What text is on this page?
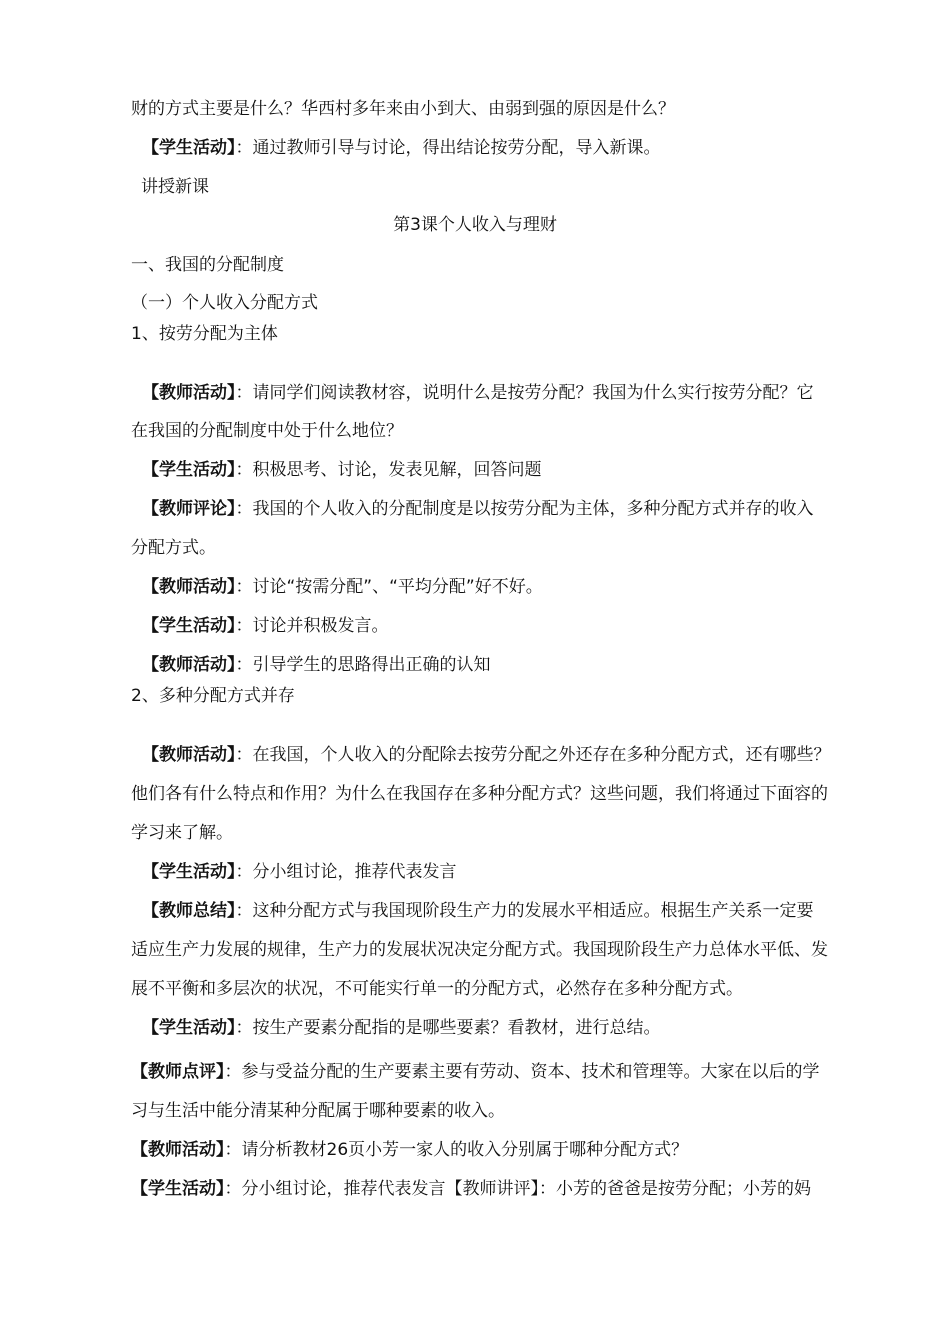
财的方式主要是什么？华西村多年来由小到大、由弱到强的原因是什么？
【学生活动】：通过教师引导与讨论，得出结论按劳分配，导入新课。
讲授新课
第3课个人收入与理财
一、我国的分配制度
（一）个人收入分配方式
1、按劳分配为主体
【教师活动】：请同学们阅读教材容，说明什么是按劳分配？我国为什么实行按劳分配？它
在我国的分配制度中处于什么地位？
【学生活动】：积极思考、讨论，发表见解，回答问题
【教师评论】：我国的个人收入的分配制度是以按劳分配为主体，多种分配方式并存的收入
分配方式。
【教师活动】：讨论“按需分配”、“平均分配”好不好。
【学生活动】：讨论并积极发言。
【教师活动】：引导学生的思路得出正确的认知
2、多种分配方式并存
【教师活动】：在我国，个人收入的分配除去按劳分配之外还存在多种分配方式，还有哪些？
他们各有什么特点和作用？为什么在我国存在多种分配方式？这些问题，我们将通过下面容的
学习来了解。
【学生活动】：分小组讨论，推荐代表发言
【教师总结】：这种分配方式与我国现阶段生产力的发展水平相适应。根据生产关系一定要
适应生产力发展的规律，生产力的发展状况决定分配方式。我国现阶段生产力总体水平低、发
展不平衡和多层次的状况，不可能实行单一的分配方式，必然存在多种分配方式。
【学生活动】：按生产要素分配指的是哪些要素？看教材，进行总结。
【教师点评】：参与受益分配的生产要素主要有劳动、资本、技术和管理等。大家在以后的学
习与生活中能分清某种分配属于哪种要素的收入。
【教师活动】：请分析教材26页小芳一家人的收入分别属于哪种分配方式？
【学生活动】：分小组讨论，推荐代表发言【教师讲评】：小芳的爸爸是按劳分配；小芳的妈
